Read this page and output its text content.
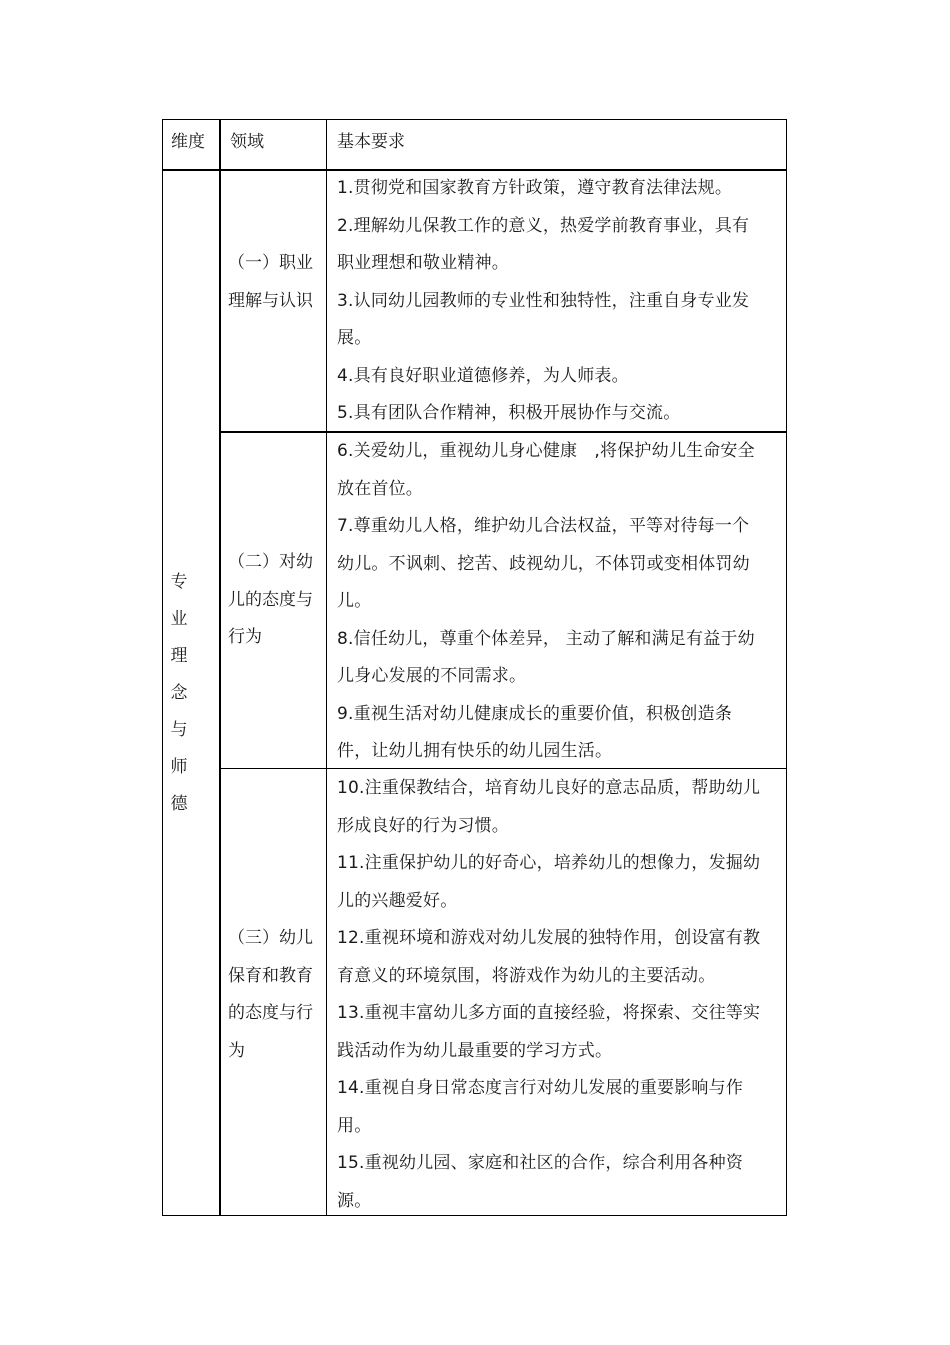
维度 领域	基本要求
专业理念与师德
（一）职业理解与认识
（二）对幼儿的态度与行为
（三）幼儿保育和教育的态度与行为
1.贯彻党和国家教育方针政策，遵守教育法律法规。
2.理解幼儿保教工作的意义，热爱学前教育事业，具有职业理想和敬业精神。
3.认同幼儿园教师的专业性和独特性，注重自身专业发展。
4.具有良好职业道德修养，为人师表。
5.具有团队合作精神，积极开展协作与交流。
6.关爱幼儿，重视幼儿身心健康　,将保护幼儿生命安全放在首位。
7.尊重幼儿人格，维护幼儿合法权益，平等对待每一个幼儿。不讽刺、挖苦、歧视幼儿，不体罚或变相体罚幼儿。
8.信任幼儿，尊重个体差异， 主动了解和满足有益于幼儿身心发展的不同需求。
9.重视生活对幼儿健康成长的重要价值，积极创造条件，让幼儿拥有快乐的幼儿园生活。
10.注重保教结合，培育幼儿良好的意志品质，帮助幼儿形成良好的行为习惯。
11.注重保护幼儿的好奇心，培养幼儿的想像力，发掘幼儿的兴趣爱好。
12.重视环境和游戏对幼儿发展的独特作用，创设富有教育意义的环境氛围，将游戏作为幼儿的主要活动。
13.重视丰富幼儿多方面的直接经验，将探索、交往等实践活动作为幼儿最重要的学习方式。
14.重视自身日常态度言行对幼儿发展的重要影响与作用。
15.重视幼儿园、家庭和社区的合作，综合利用各种资源。
